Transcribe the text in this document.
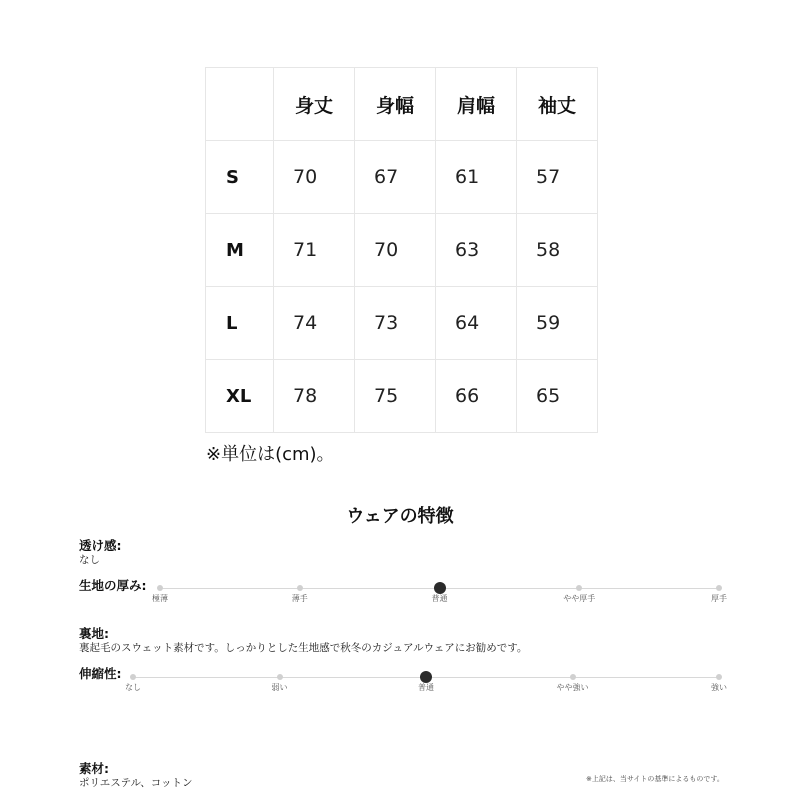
	身丈	身幅	肩幅	袖丈
S	70	67	61	57
M	71	70	63	58
L	74	73	64	59
XL	78	75	66	65
※単位は(cm)。
ウェアの特徴
透け感:
なし
生地の厚み:
極薄	薄手	普通	やや厚手	厚手
裏地:
裏起毛のスウェット素材です。しっかりとした生地感で秋冬のカジュアルウェアにお勧めです。
伸縮性:
なし	弱い	普通	やや強い	強い
素材:
ポリエステル、コットン	※上記は、当サイトの基準によるものです。
